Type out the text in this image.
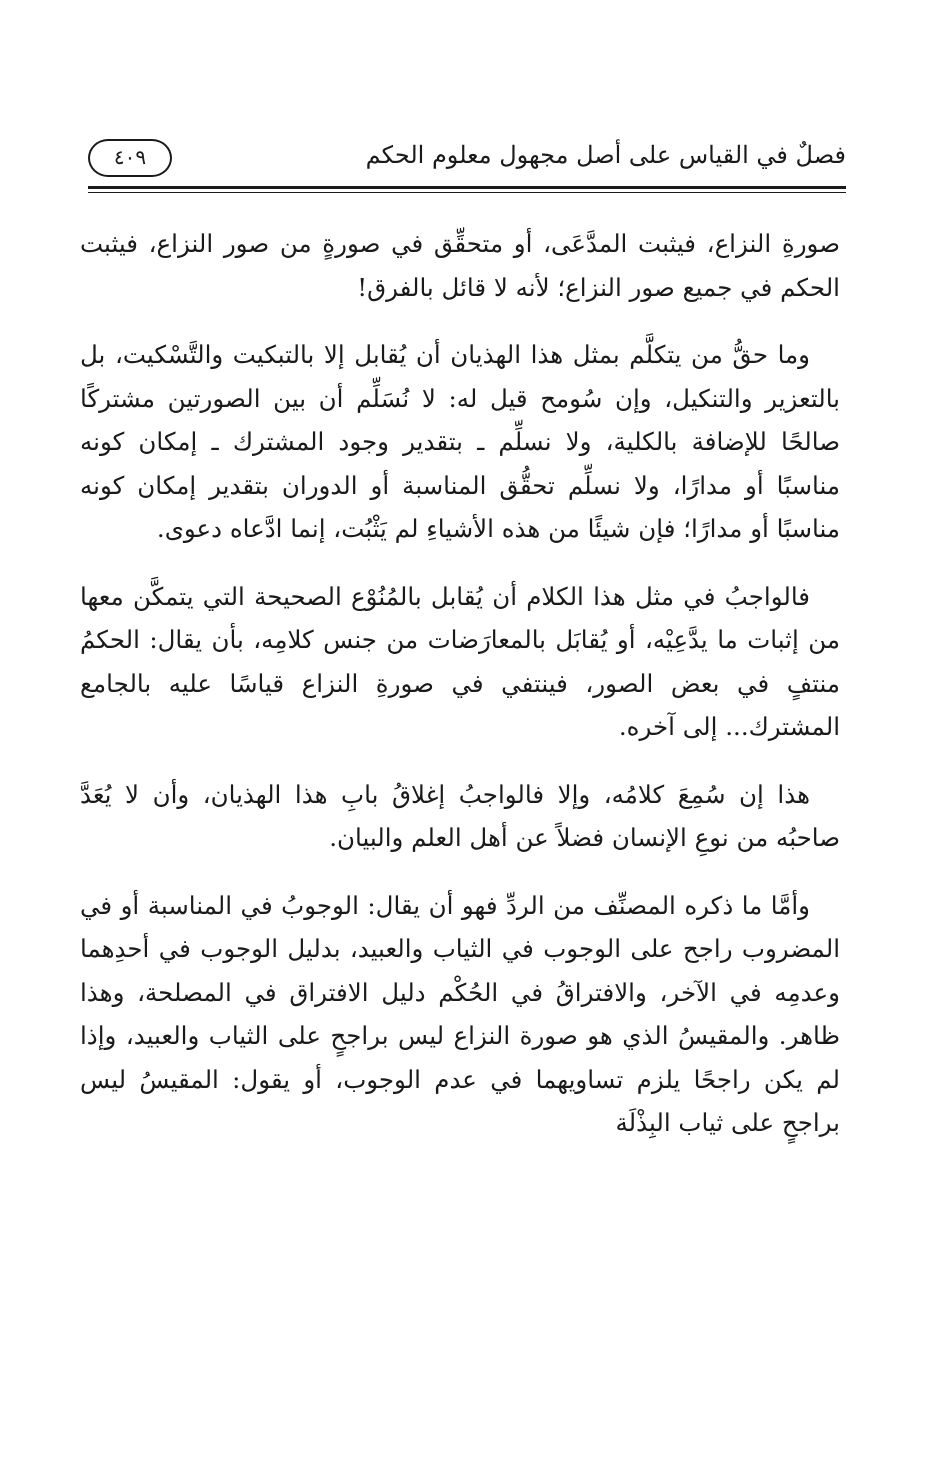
فصلٌ في القياس على أصل مجهول معلوم الحكم
٤٠٩

صورةِ النزاع، فيثبت المدَّعَى، أو متحقِّق في صورةٍ من صور النزاع، فيثبت الحكم في جميع صور النزاع؛ لأنه لا قائل بالفرق!

وما حقُّ من يتكلَّم بمثل هذا الهذيان أن يُقابل إلا بالتبكيت والتَّسْكيت، بل بالتعزير والتنكيل، وإن سُومح قيل له: لا نُسَلِّم أن بين الصورتين مشتركًا صالحًا للإضافة بالكلية، ولا نسلِّم ـ بتقدير وجود المشترك ـ إمكان كونه مناسبًا أو مدارًا، ولا نسلِّم تحقُّق المناسبة أو الدوران بتقدير إمكان كونه مناسبًا أو مدارًا؛ فإن شيئًا من هذه الأشياءِ لم يَثْبُت، إنما ادَّعاه دعوى.

فالواجبُ في مثل هذا الكلام أن يُقابل بالمُنُوْع الصحيحة التي يتمكَّن معها من إثبات ما يدَّعِيْه، أو يُقابَل بالمعارَضات من جنس كلامِه، بأن يقال: الحكمُ منتفٍ في بعض الصور، فينتفي في صورةِ النزاع قياسًا عليه بالجامع المشترك... إلى آخره.

هذا إن سُمِعَ كلامُه، وإلا فالواجبُ إغلاقُ بابِ هذا الهذيان، وأن لا يُعَدَّ صاحبُه من نوعِ الإنسان فضلاً عن أهل العلم والبيان.

وأمَّا ما ذكره المصنِّف من الردِّ فهو أن يقال: الوجوبُ في المناسبة أو في المضروب راجح على الوجوب في الثياب والعبيد، بدليل الوجوب في أحدِهما وعدمِه في الآخر، والافتراقُ في الحُكْم دليل الافتراق في المصلحة، وهذا ظاهر. والمقيسُ الذي هو صورة النزاع ليس براجحٍ على الثياب والعبيد، وإذا لم يكن راجحًا يلزم تساويهما في عدم الوجوب، أو يقول: المقيسُ ليس براجحٍ على ثياب البِذْلَة
